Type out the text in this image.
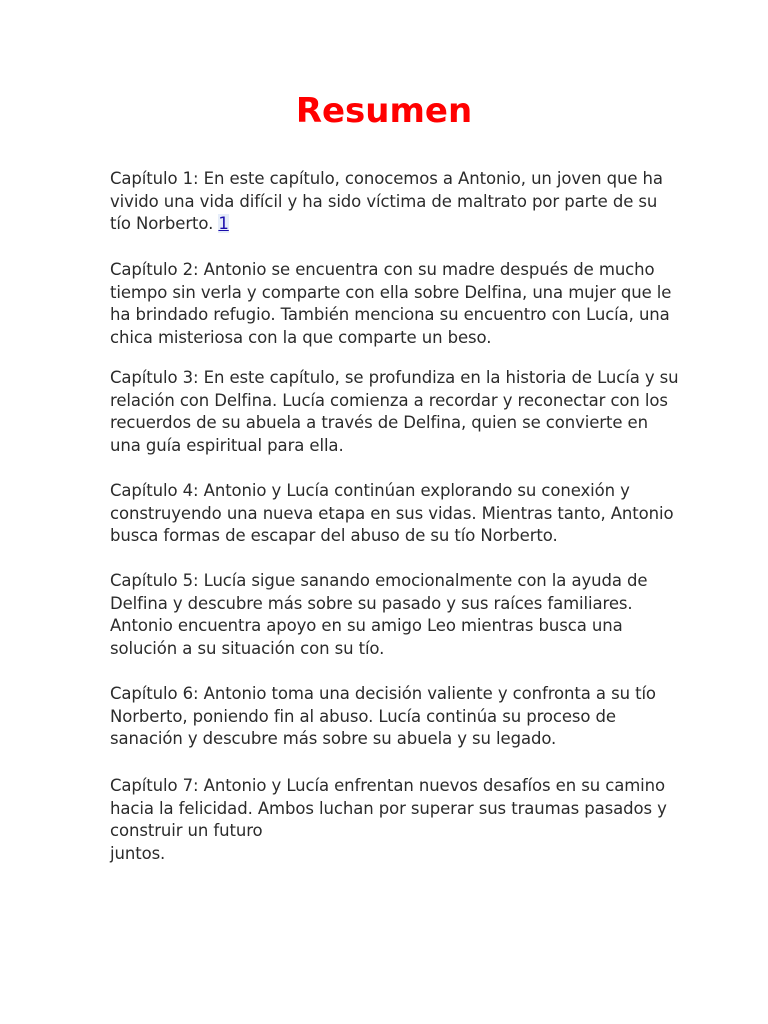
Resumen

Capítulo 1: En este capítulo, conocemos a Antonio, un joven que ha
vivido una vida difícil y ha sido víctima de maltrato por parte de su
tío Norberto. 1

Capítulo 2: Antonio se encuentra con su madre después de mucho
tiempo sin verla y comparte con ella sobre Delfina, una mujer que le
ha brindado refugio. También menciona su encuentro con Lucía, una
chica misteriosa con la que comparte un beso.

Capítulo 3: En este capítulo, se profundiza en la historia de Lucía y su
relación con Delfina. Lucía comienza a recordar y reconectar con los
recuerdos de su abuela a través de Delfina, quien se convierte en
una guía espiritual para ella.

Capítulo 4: Antonio y Lucía continúan explorando su conexión y
construyendo una nueva etapa en sus vidas. Mientras tanto, Antonio
busca formas de escapar del abuso de su tío Norberto.

Capítulo 5: Lucía sigue sanando emocionalmente con la ayuda de
Delfina y descubre más sobre su pasado y sus raíces familiares.
Antonio encuentra apoyo en su amigo Leo mientras busca una
solución a su situación con su tío.

Capítulo 6: Antonio toma una decisión valiente y confronta a su tío
Norberto, poniendo fin al abuso. Lucía continúa su proceso de
sanación y descubre más sobre su abuela y su legado.

Capítulo 7: Antonio y Lucía enfrentan nuevos desafíos en su camino
hacia la felicidad. Ambos luchan por superar sus traumas pasados y
construir un futuro
juntos.
